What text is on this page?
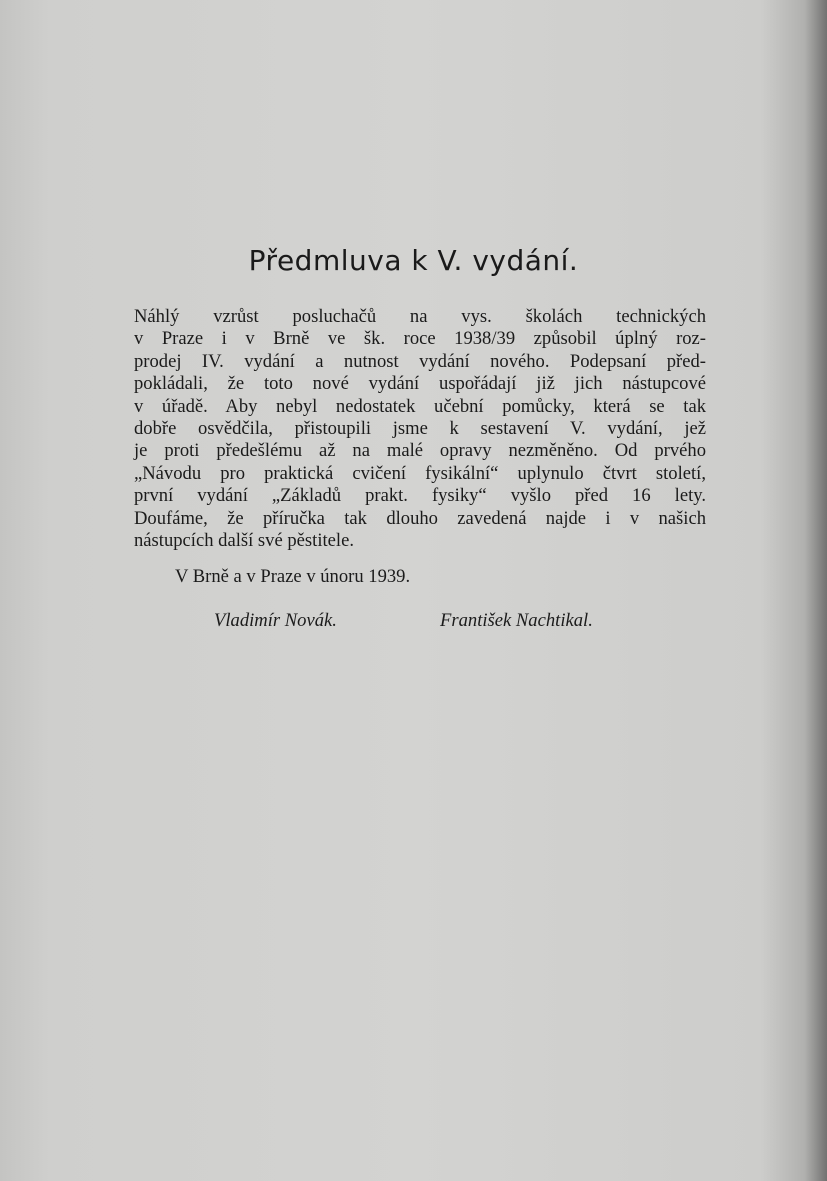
Předmluva k V. vydání.
Náhlý vzrůst posluchačů na vys. školách technických
v Praze i v Brně ve šk. roce 1938/39 způsobil úplný roz-
prodej IV. vydání a nutnost vydání nového. Podepsaní před-
pokládali, že toto nové vydání uspořádají již jich nástupcové
v úřadě. Aby nebyl nedostatek učební pomůcky, která se tak
dobře osvědčila, přistoupili jsme k sestavení V. vydání, jež
je proti předešlému až na malé opravy nezměněno. Od prvého
„Návodu pro praktická cvičení fysikální“ uplynulo čtvrt století,
první vydání „Základů prakt. fysiky“ vyšlo před 16 lety.
Doufáme, že příručka tak dlouho zavedená najde i v našich
nástupcích další své pěstitele.
V Brně a v Praze v únoru 1939.
Vladimír Novák.	František Nachtikal.
